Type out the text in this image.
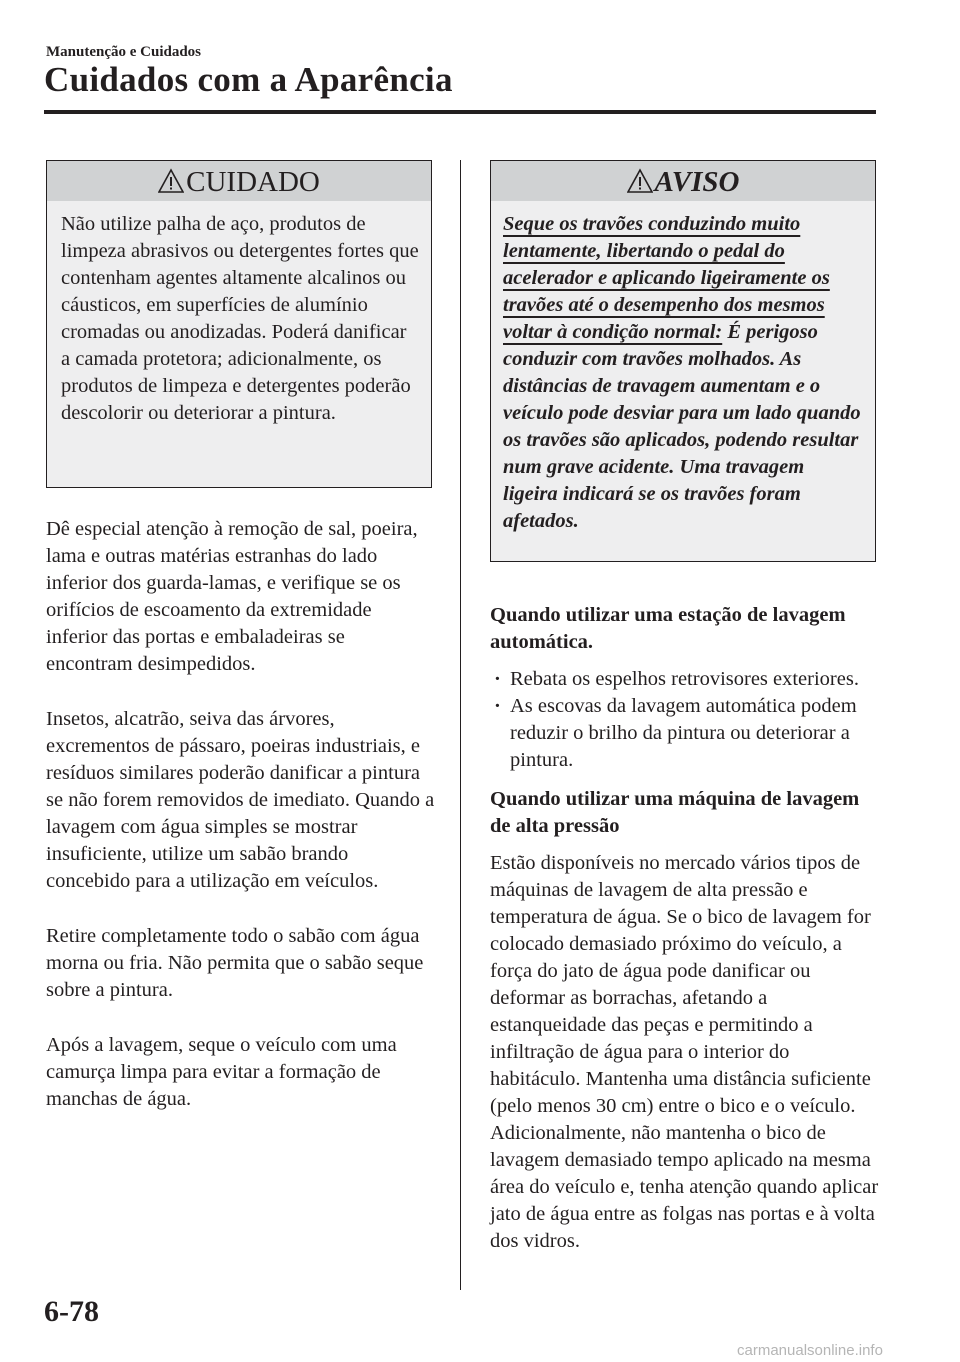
Manutenção e Cuidados
Cuidados com a Aparência
CUIDADO
Não utilize palha de aço, produtos de limpeza abrasivos ou detergentes fortes que contenham agentes altamente alcalinos ou cáusticos, em superfícies de alumínio cromadas ou anodizadas. Poderá danificar a camada protetora; adicionalmente, os produtos de limpeza e detergentes poderão descolorir ou deteriorar a pintura.

Dê especial atenção à remoção de sal, poeira, lama e outras matérias estranhas do lado inferior dos guarda-lamas, e verifique se os orifícios de escoamento da extremidade inferior das portas e embaladeiras se encontram desimpedidos.

Insetos, alcatrão, seiva das árvores, excrementos de pássaro, poeiras industriais, e resíduos similares poderão danificar a pintura se não forem removidos de imediato. Quando a lavagem com água simples se mostrar insuficiente, utilize um sabão brando concebido para a utilização em veículos.

Retire completamente todo o sabão com água morna ou fria. Não permita que o sabão seque sobre a pintura.

Após a lavagem, seque o veículo com uma camurça limpa para evitar a formação de manchas de água.

AVISO
Seque os travões conduzindo muito lentamente, libertando o pedal do acelerador e aplicando ligeiramente os travões até o desempenho dos mesmos voltar à condição normal: É perigoso conduzir com travões molhados. As distâncias de travagem aumentam e o veículo pode desviar para um lado quando os travões são aplicados, podendo resultar num grave acidente. Uma travagem ligeira indicará se os travões foram afetados.

Quando utilizar uma estação de lavagem automática.

· Rebata os espelhos retrovisores exteriores.
· As escovas da lavagem automática podem reduzir o brilho da pintura ou deteriorar a pintura.

Quando utilizar uma máquina de lavagem de alta pressão

Estão disponíveis no mercado vários tipos de máquinas de lavagem de alta pressão e temperatura de água. Se o bico de lavagem for colocado demasiado próximo do veículo, a força do jato de água pode danificar ou deformar as borrachas, afetando a estanqueidade das peças e permitindo a infiltração de água para o interior do habitáculo. Mantenha uma distância suficiente (pelo menos 30 cm) entre o bico e o veículo. Adicionalmente, não mantenha o bico de lavagem demasiado tempo aplicado na mesma área do veículo e, tenha atenção quando aplicar jato de água entre as folgas nas portas e à volta dos vidros.

6-78
carmanualsonline.info
